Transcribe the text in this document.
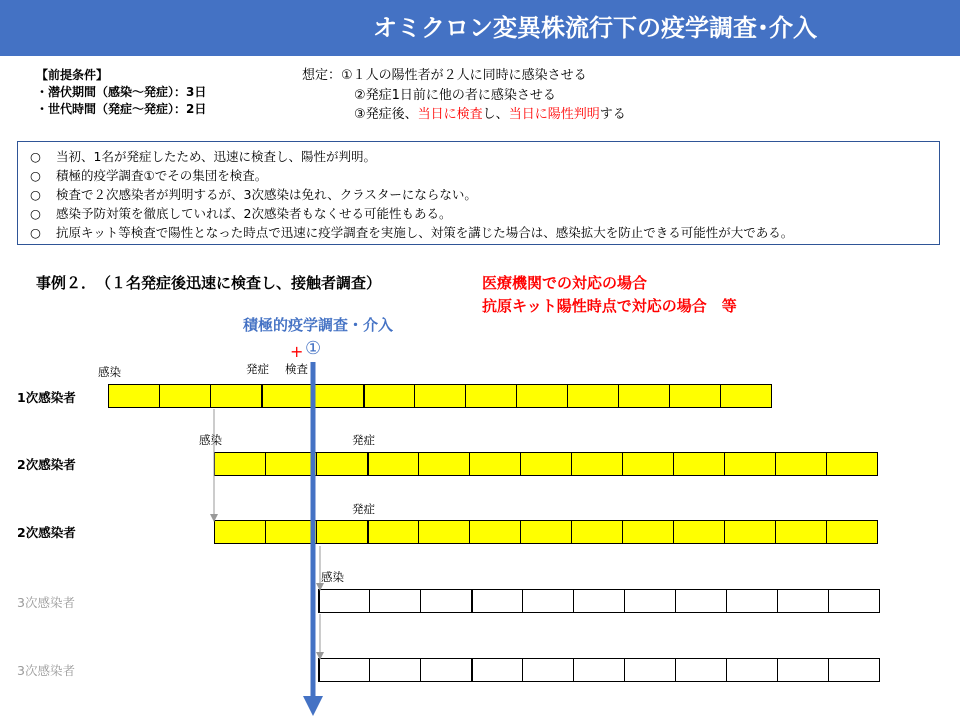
オミクロン変異株流行下の疫学調査･介入
【前提条件】
・潜伏期間（感染～発症）：3日
・世代時間（発症～発症）：2日
想定：①１人の陽性者が２人に同時に感染させる
②発症1日前に他の者に感染させる
③発症後、当日に検査し、当日に陽性判明する
○ 当初、1名が発症したため、迅速に検査し、陽性が判明。
○ 積極的疫学調査①でその集団を検査。
○ 検査で２次感染者が判明するが、3次感染は免れ、クラスターにならない。
○ 感染予防対策を徹底していれば、2次感染者もなくせる可能性もある。
○ 抗原キット等検査で陽性となった時点で迅速に疫学調査を実施し、対策を講じた場合は、感染拡大を防止できる可能性が大である。
事例２．　（１名発症後迅速に検査し、接触者調査）	医療機関での対応の場合
抗原キット陽性時点で対応の場合　等
積極的疫学調査・介入
+ ①
1次感染者
感染	発症 検査
2次感染者
感染	発症
2次感染者
発症
3次感染者
感染
3次感染者
